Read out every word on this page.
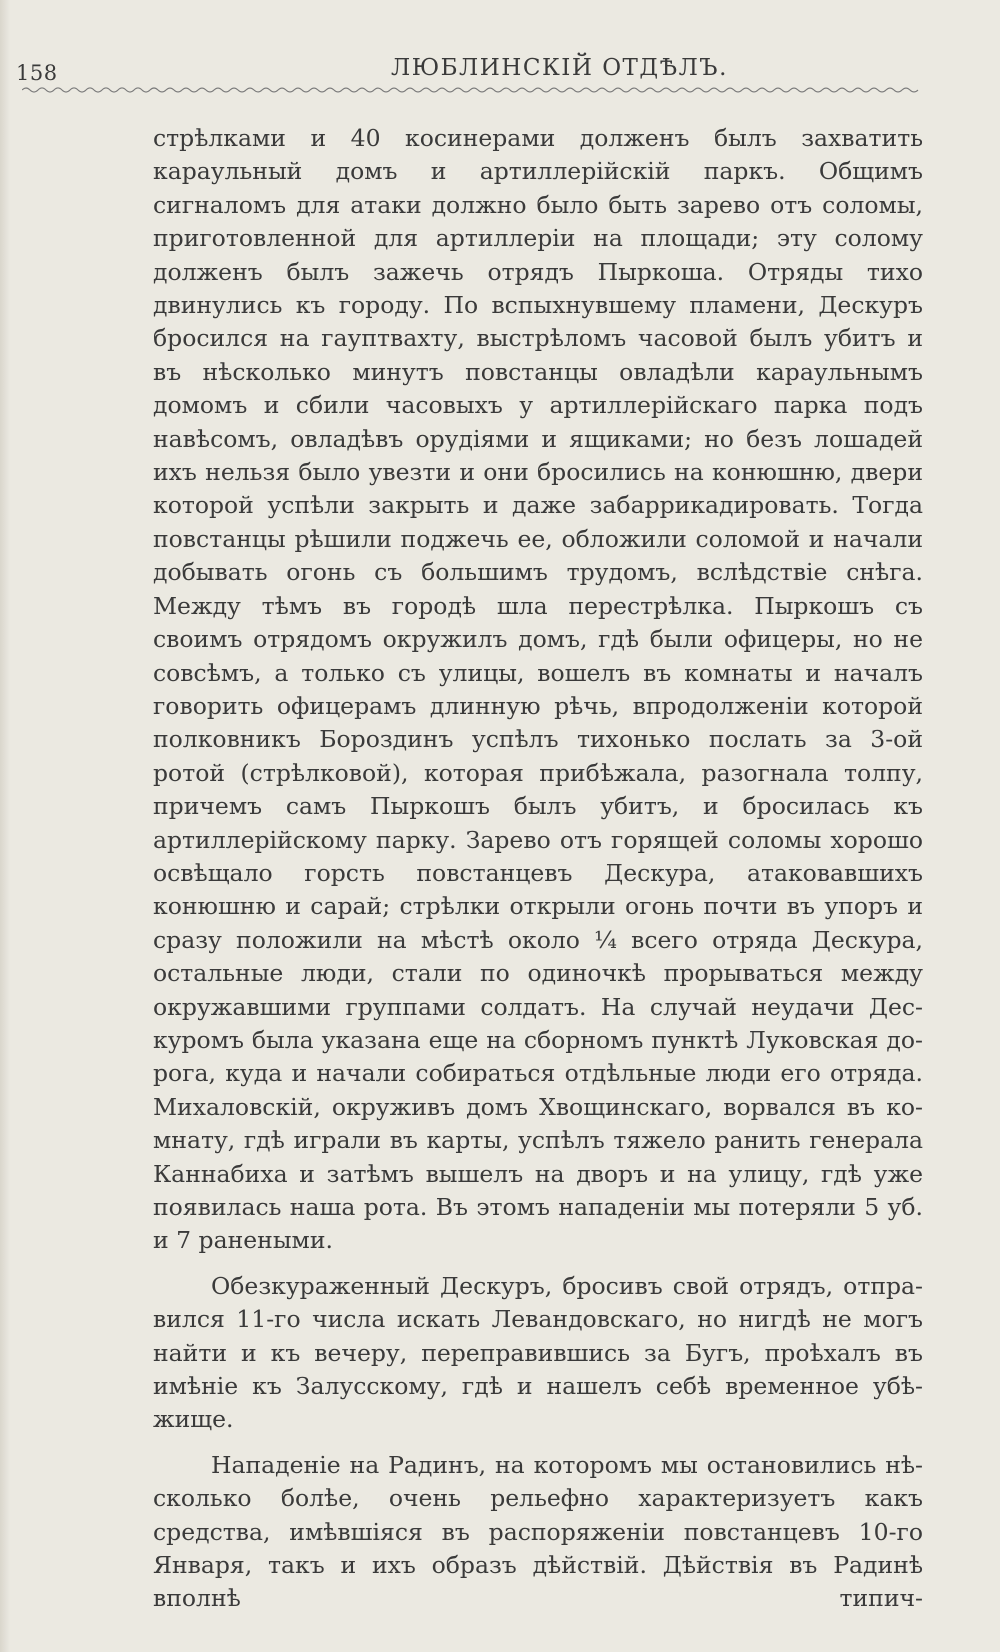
158	ЛЮБЛИНСКІЙ ОТДѢЛЪ.

стрѣлками и 40 косинерами долженъ былъ захватить караульный домъ и артиллерійскій паркъ. Общимъ сигналомъ для атаки должно было быть зарево отъ соломы, приготовленной для артиллеріи на площади; эту солому долженъ былъ зажечь отрядъ Пыркоша. Отряды тихо двинулись къ городу. По вспыхнувшему пламени, Дескуръ бросился на гауптвахту, выстрѣломъ часовой былъ убитъ и въ нѣсколько минутъ повстанцы овладѣли караульнымъ домомъ и сбили часовыхъ у артиллерійскаго парка подъ навѣсомъ, овладѣвъ орудіями и ящиками; но безъ лошадей ихъ нельзя было увезти и они бросились на конюшню, двери которой успѣли закрыть и даже забаррикадировать. Тогда повстанцы рѣшили поджечь ее, обложили соломой и начали добывать огонь съ большимъ трудомъ, вслѣдствіе снѣга. Между тѣмъ въ городѣ шла перестрѣлка. Пыркошъ съ своимъ отрядомъ окружилъ домъ, гдѣ были офицеры, но не совсѣмъ, а только съ улицы, вошелъ въ комнаты и началъ говорить офицерамъ длинную рѣчь, впродолженіи которой полковникъ Бороздинъ успѣлъ тихонько послать за 3-ой ротой (стрѣлковой), которая прибѣжала, разогнала толпу, причемъ самъ Пыркошъ былъ убитъ, и бросилась къ артиллерійскому парку. Зарево отъ горящей соломы хорошо освѣщало горсть повстанцевъ Дескура, атаковавшихъ конюшню и сарай; стрѣлки открыли огонь почти въ упоръ и сразу положили на мѣстѣ около ¼ всего отряда Дескура, остальные люди, стали по одиночкѣ прорываться между окружавшими группами солдатъ. На случай неудачи Дескуромъ была указана еще на сборномъ пунктѣ Луковская дорога, куда и начали собираться отдѣльные люди его отряда. Михаловскій, окруживъ домъ Хвощинскаго, ворвался въ комнату, гдѣ играли въ карты, успѣлъ тяжело ранить генерала Каннабиха и затѣмъ вышелъ на дворъ и на улицу, гдѣ уже появилась наша рота. Въ этомъ нападеніи мы потеряли 5 уб. и 7 ранеными.

Обезкураженный Дескуръ, бросивъ свой отрядъ, отправился 11-го числа искать Левандовскаго, но нигдѣ не могъ найти и къ вечеру, переправившись за Бугъ, проѣхалъ въ имѣніе къ Залусскому, гдѣ и нашелъ себѣ временное убѣжище.

Нападеніе на Радинъ, на которомъ мы остановились нѣсколько болѣе, очень рельефно характеризуетъ какъ средства, имѣвшіяся въ распоряженіи повстанцевъ 10-го Января, такъ и ихъ образъ дѣйствій. Дѣйствія въ Радинѣ вполнѣ типич-
